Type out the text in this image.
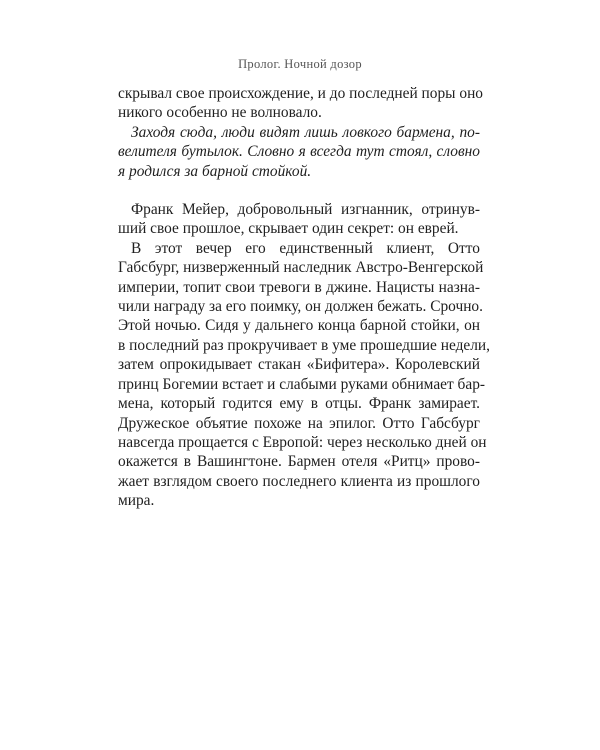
Пролог. Ночной дозор
скрывал свое происхождение, и до последней поры оно
никого особенно не волновало.
Заходя сюда, люди видят лишь ловкого бармена, по-
велителя бутылок. Словно я всегда тут стоял, словно
я родился за барной стойкой.
Франк Мейер, добровольный изгнанник, отринув-
ший свое прошлое, скрывает один секрет: он еврей.
В этот вечер его единственный клиент, Отто
Габсбург, низверженный наследник Австро-Венгерской
империи, топит свои тревоги в джине. Нацисты назна-
чили награду за его поимку, он должен бежать. Срочно.
Этой ночью. Сидя у дальнего конца барной стойки, он
в последний раз прокручивает в уме прошедшие недели,
затем опрокидывает стакан «Бифитера». Королевский
принц Богемии встает и слабыми руками обнимает бар-
мена, который годится ему в отцы. Франк замирает.
Дружеское объятие похоже на эпилог. Отто Габсбург
навсегда прощается с Европой: через несколько дней он
окажется в Вашингтоне. Бармен отеля «Ритц» прово-
жает взглядом своего последнего клиента из прошлого
мира.
